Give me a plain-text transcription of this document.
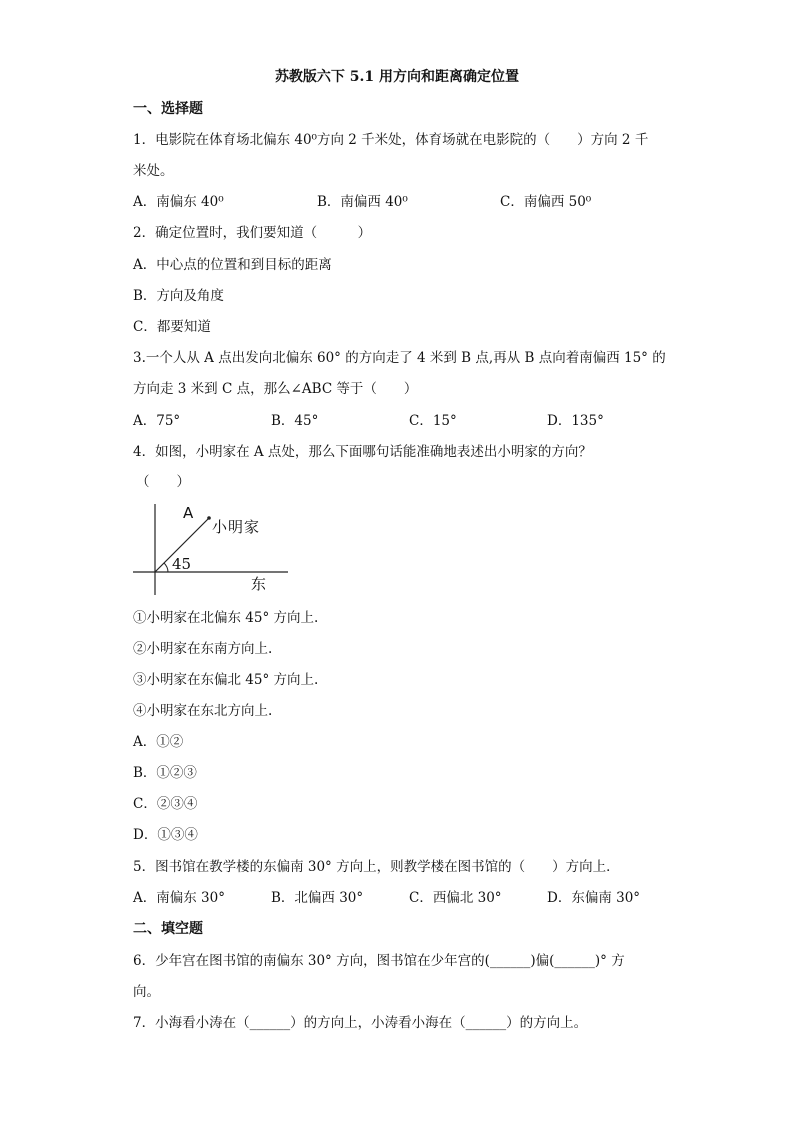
苏教版六下 5.1 用方向和距离确定位置
一、选择题
1．电影院在体育场北偏东 40⁰方向 2 千米处，体育场就在电影院的（　　）方向 2 千
米处。
A．南偏东 40⁰	B．南偏西 40⁰	C．南偏西 50⁰
2．确定位置时，我们要知道（　　　）
A．中心点的位置和到目标的距离
B．方向及角度
C．都要知道
3.一个人从 A 点出发向北偏东 60° 的方向走了 4 米到 B 点,再从 B 点向着南偏西 15° 的
方向走 3 米到 C 点，那么∠ABC 等于（　　）
A．75°	B．45°	C．15°	D．135°
4．如图，小明家在 A 点处，那么下面哪句话能准确地表述出小明家的方向？
（　　）
A
小明家
45
东
①小明家在北偏东 45° 方向上.
②小明家在东南方向上.
③小明家在东偏北 45° 方向上.
④小明家在东北方向上.
A．①②
B．①②③
C．②③④
D．①③④
5．图书馆在教学楼的东偏南 30° 方向上，则教学楼在图书馆的（　　）方向上．
A．南偏东 30°	B．北偏西 30°	C．西偏北 30°	D．东偏南 30°
二、填空题
6．少年宫在图书馆的南偏东 30° 方向，图书馆在少年宫的(______)偏(______)° 方
向。
7．小海看小涛在（______）的方向上，小涛看小海在（______）的方向上。
